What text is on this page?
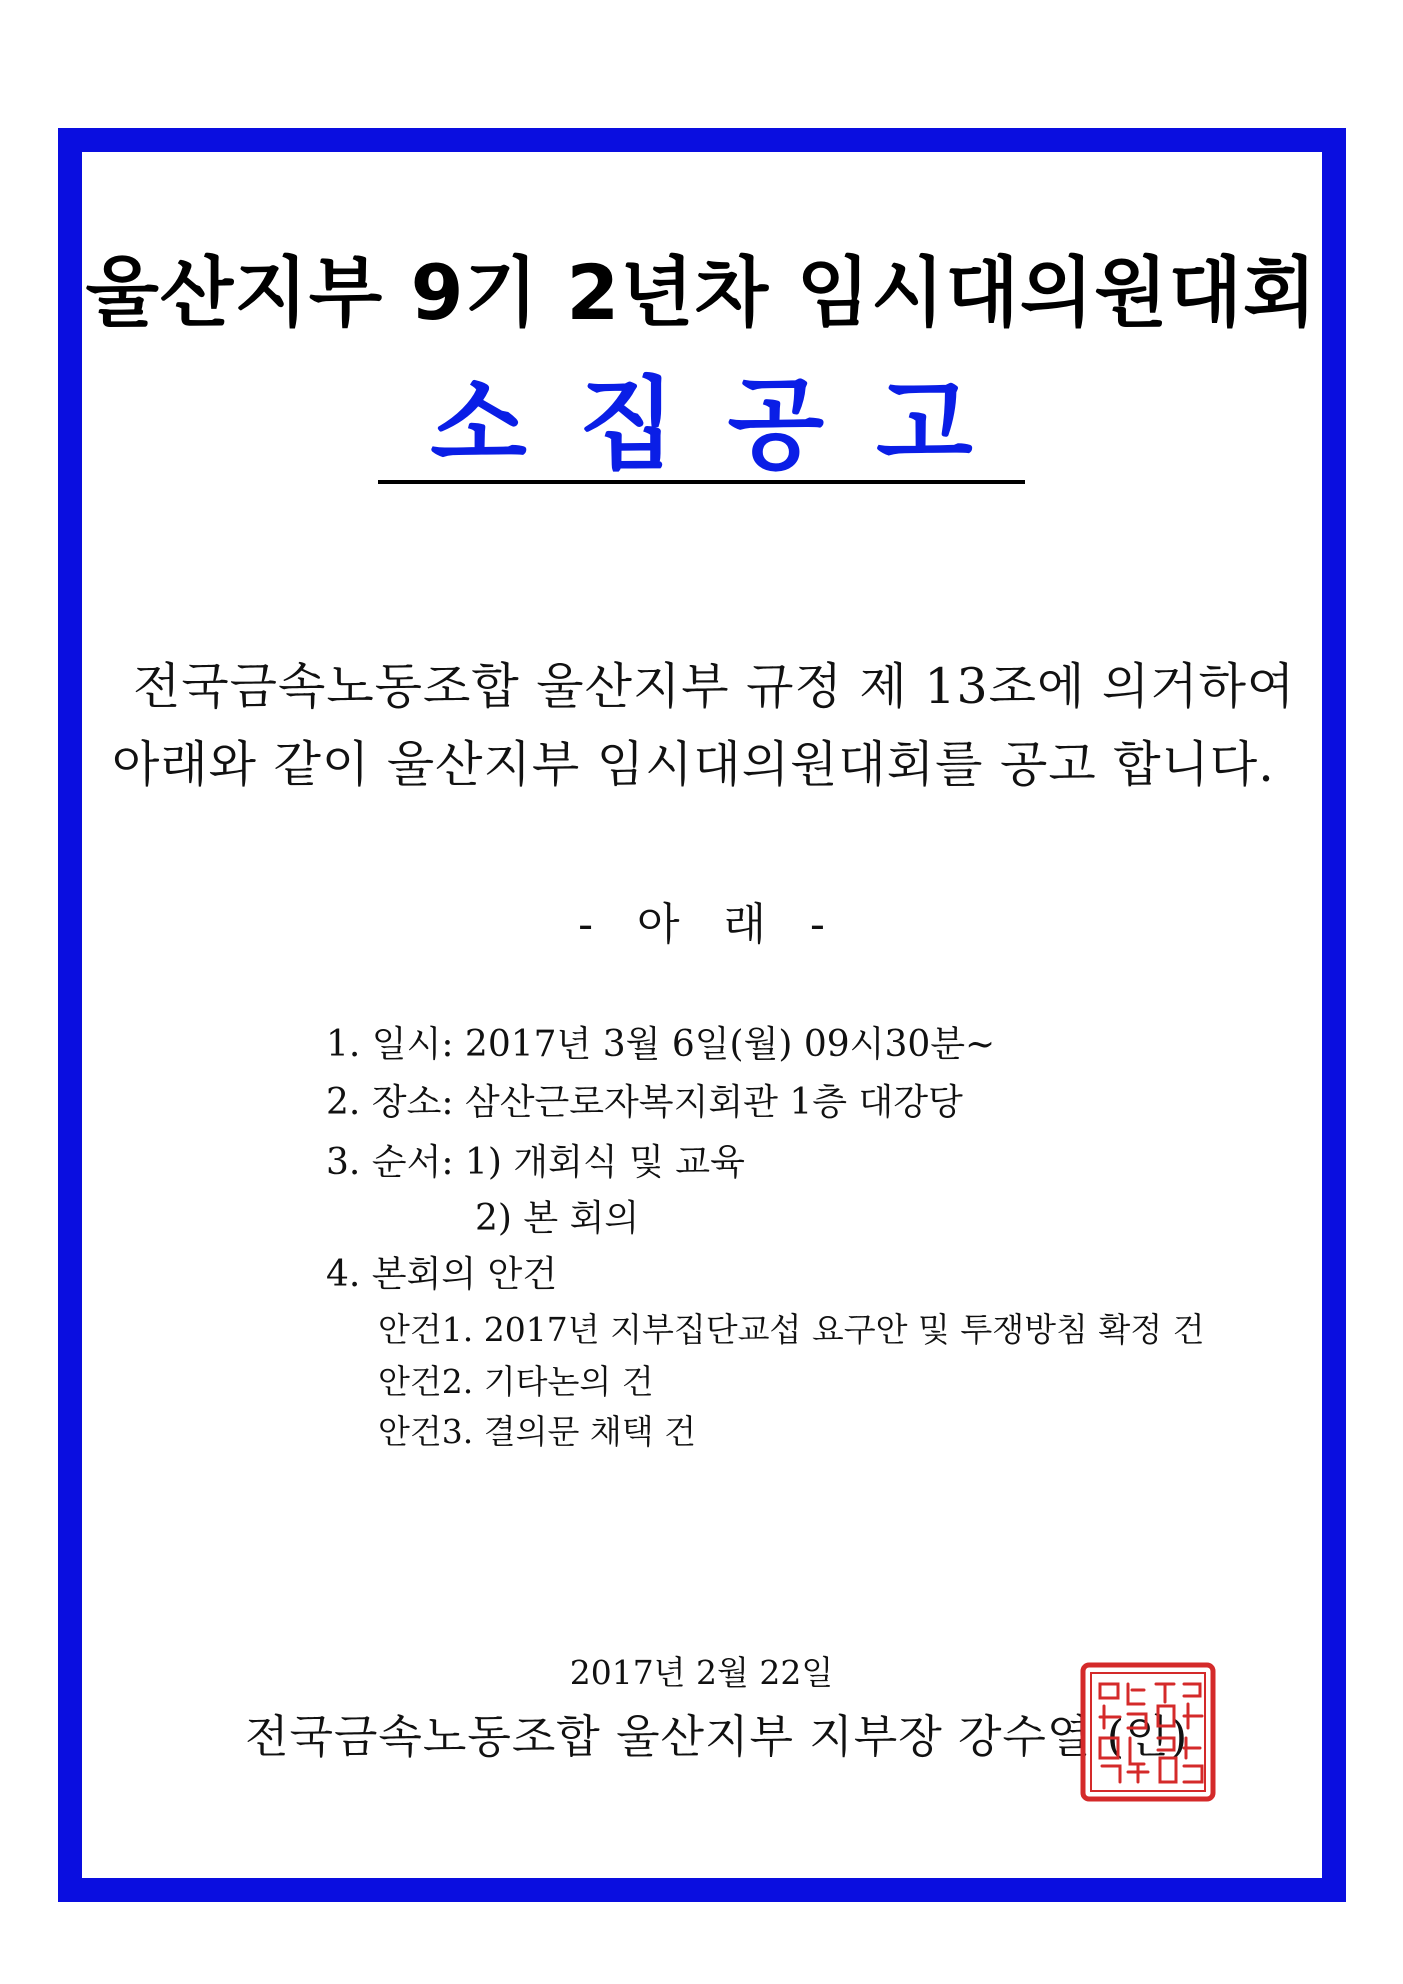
울산지부 9기 2년차 임시대의원대회
소집공고
전국금속노동조합 울산지부 규정 제 13조에 의거하여
아래와 같이 울산지부 임시대의원대회를 공고 합니다.
- 아 래 -
1. 일시: 2017년 3월 6일(월) 09시30분~
2. 장소: 삼산근로자복지회관 1층 대강당
3. 순서: 1) 개회식 및 교육
2) 본 회의
4. 본회의 안건
안건1. 2017년 지부집단교섭 요구안 및 투쟁방침 확정 건
안건2. 기타논의 건
안건3. 결의문 채택 건
2017년 2월 22일
전국금속노동조합 울산지부 지부장 강수열 (인)
